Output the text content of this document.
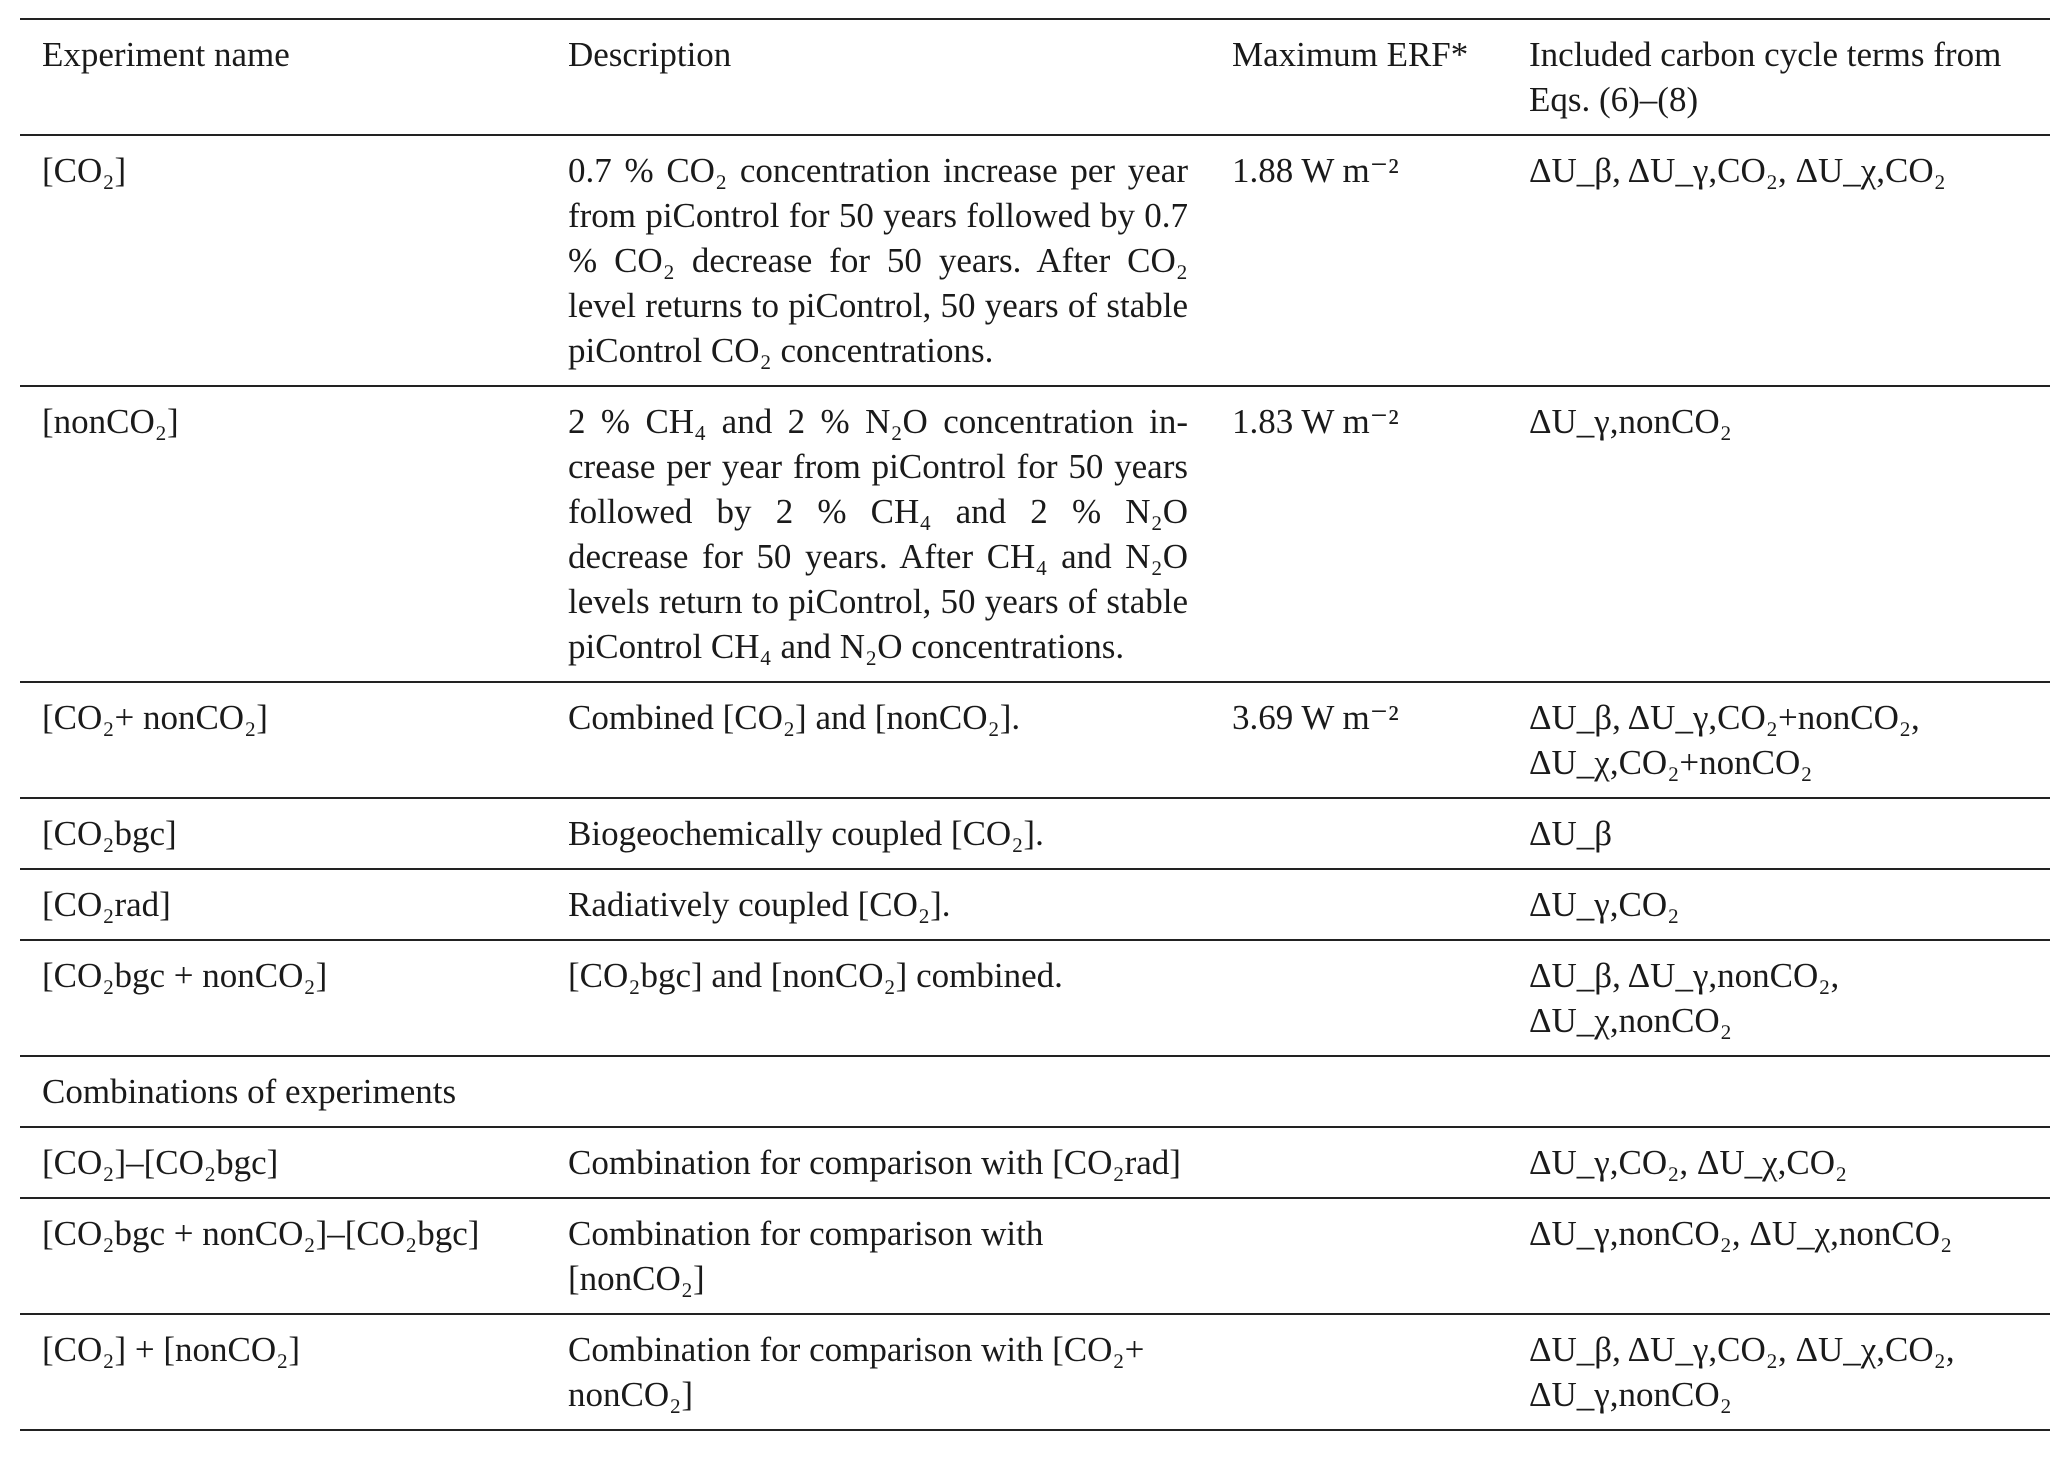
Experiment name	Description	Maximum ERF*	Included carbon cycle terms from Eqs. (6)–(8)
[CO₂]	0.7 % CO₂ concentration increase per year from piControl for 50 years followed by 0.7 % CO₂ decrease for 50 years. After CO₂ level returns to piControl, 50 years of stable piControl CO₂ concentrations.	1.88 W m⁻²	ΔU_β, ΔU_γ,CO₂, ΔU_χ,CO₂
[nonCO₂]	2 % CH₄ and 2 % N₂O concentration increase per year from piControl for 50 years followed by 2 % CH₄ and 2 % N₂O decrease for 50 years. After CH₄ and N₂O levels return to piControl, 50 years of stable piControl CH₄ and N₂O concentrations.	1.83 W m⁻²	ΔU_γ,nonCO₂
[CO₂+ nonCO₂]	Combined [CO₂] and [nonCO₂].	3.69 W m⁻²	ΔU_β, ΔU_γ,CO₂+nonCO₂, ΔU_χ,CO₂+nonCO₂
[CO₂bgc]	Biogeochemically coupled [CO₂].		ΔU_β
[CO₂rad]	Radiatively coupled [CO₂].		ΔU_γ,CO₂
[CO₂bgc + nonCO₂]	[CO₂bgc] and [nonCO₂] combined.		ΔU_β, ΔU_γ,nonCO₂, ΔU_χ,nonCO₂
Combinations of experiments			
[CO₂]–[CO₂bgc]	Combination for comparison with [CO₂rad]		ΔU_γ,CO₂, ΔU_χ,CO₂
[CO₂bgc + nonCO₂]–[CO₂bgc]	Combination for comparison with [nonCO₂]		ΔU_γ,nonCO₂, ΔU_χ,nonCO₂
[CO₂] + [nonCO₂]	Combination for comparison with [CO₂+ nonCO₂]		ΔU_β, ΔU_γ,CO₂, ΔU_χ,CO₂, ΔU_γ,nonCO₂
